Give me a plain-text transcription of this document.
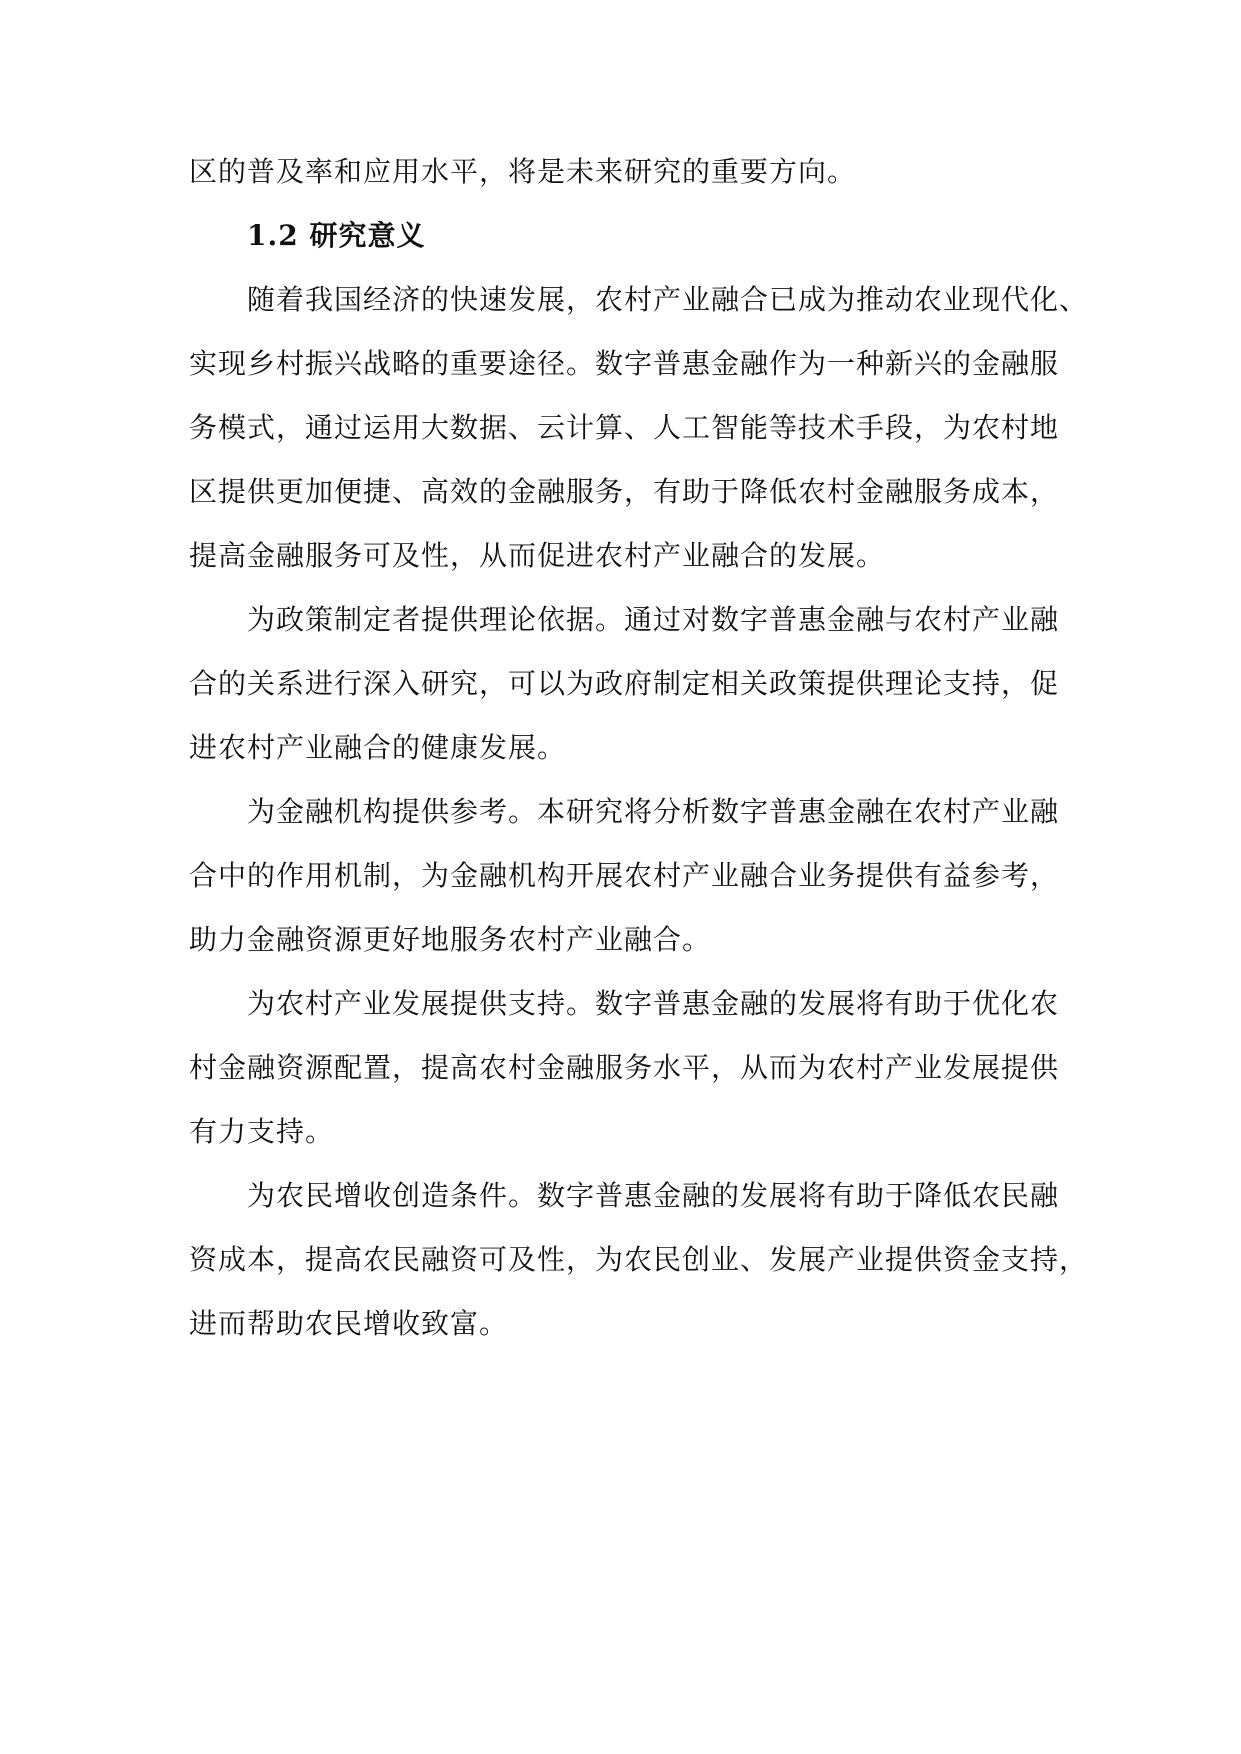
区的普及率和应用水平，将是未来研究的重要方向。
1.2 研究意义
随着我国经济的快速发展，农村产业融合已成为推动农业现代化、
实现乡村振兴战略的重要途径。数字普惠金融作为一种新兴的金融服
务模式，通过运用大数据、云计算、人工智能等技术手段，为农村地
区提供更加便捷、高效的金融服务，有助于降低农村金融服务成本，
提高金融服务可及性，从而促进农村产业融合的发展。
为政策制定者提供理论依据。通过对数字普惠金融与农村产业融
合的关系进行深入研究，可以为政府制定相关政策提供理论支持，促
进农村产业融合的健康发展。
为金融机构提供参考。本研究将分析数字普惠金融在农村产业融
合中的作用机制，为金融机构开展农村产业融合业务提供有益参考，
助力金融资源更好地服务农村产业融合。
为农村产业发展提供支持。数字普惠金融的发展将有助于优化农
村金融资源配置，提高农村金融服务水平，从而为农村产业发展提供
有力支持。
为农民增收创造条件。数字普惠金融的发展将有助于降低农民融
资成本，提高农民融资可及性，为农民创业、发展产业提供资金支持，
进而帮助农民增收致富。
